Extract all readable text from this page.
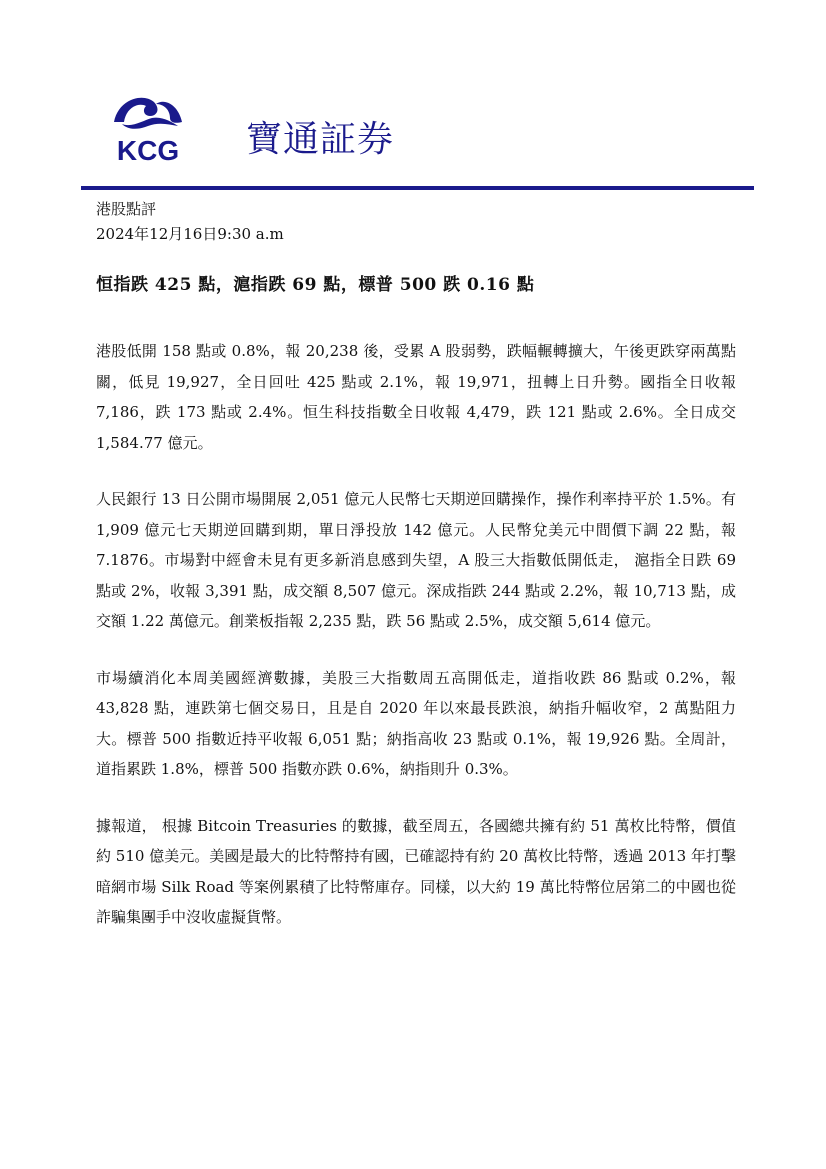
KCG 寶通証券
港股點評
2024年12月16日9:30 a.m
恒指跌 425 點，滬指跌 69 點，標普 500 跌 0.16 點

港股低開 158 點或 0.8%，報 20,238 後，受累 A 股弱勢，跌幅輾轉擴大，午後更跌穿兩萬點關，低見 19,927，全日回吐 425 點或 2.1%，報 19,971，扭轉上日升勢。國指全日收報 7,186，跌 173 點或 2.4%。恒生科技指數全日收報 4,479，跌 121 點或 2.6%。全日成交 1,584.77 億元。

人民銀行 13 日公開市場開展 2,051 億元人民幣七天期逆回購操作，操作利率持平於 1.5%。有 1,909 億元七天期逆回購到期，單日淨投放 142 億元。人民幣兌美元中間價下調 22 點，報 7.1876。市場對中經會未見有更多新消息感到失望，A 股三大指數低開低走， 滬指全日跌 69 點或 2%，收報 3,391 點，成交額 8,507 億元。深成指跌 244 點或 2.2%，報 10,713 點，成交額 1.22 萬億元。創業板指報 2,235 點，跌 56 點或 2.5%，成交額 5,614 億元。

市場續消化本周美國經濟數據，美股三大指數周五高開低走，道指收跌 86 點或 0.2%，報 43,828 點，連跌第七個交易日，且是自 2020 年以來最長跌浪，納指升幅收窄，2 萬點阻力大。標普 500 指數近持平收報 6,051 點；納指高收 23 點或 0.1%，報 19,926 點。全周計，道指累跌 1.8%，標普 500 指數亦跌 0.6%，納指則升 0.3%。

據報道， 根據 Bitcoin Treasuries 的數據，截至周五，各國總共擁有約 51 萬枚比特幣，價值約 510 億美元。美國是最大的比特幣持有國，已確認持有約 20 萬枚比特幣，透過 2013 年打擊暗網市場 Silk Road 等案例累積了比特幣庫存。同樣，以大約 19 萬比特幣位居第二的中國也從詐騙集團手中沒收虛擬貨幣。
